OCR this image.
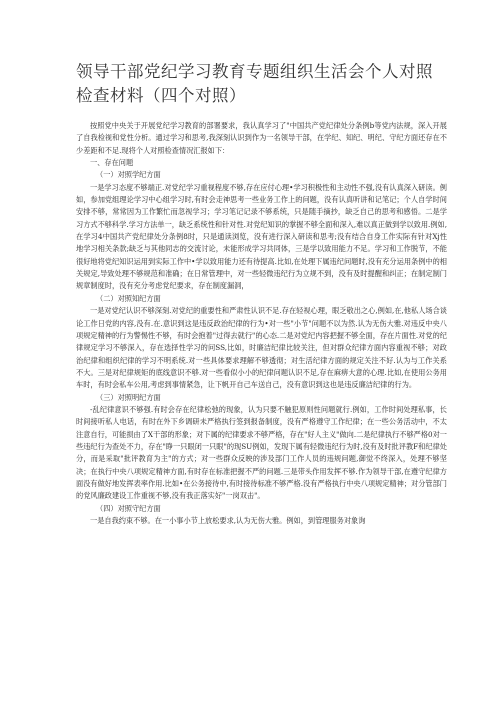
领导干部党纪学习教育专题组织生活会个人对照检查材料（四个对照）

按照党中央关于开展党纪学习教育的部署要求，我认真学习了"中国共产党纪律处分条例b等党内法规，深入开展了自我检视和党性分析。通过学习和思考,我深刻认识到作为一名领导干部，在学纪、知纪、明纪、守纪方面还存在不少差距和不足.现将个人对照检查情况汇报如下：

一、存在问题

（一）对照学纪方面

一是学习态度不够端正.对党纪学习重视程度不够,存在应付心理•学习积极性和主动性不强,没有认真深入研读。例如，参加党组理论学习中心组学习时,有时会走神思考一些业务工作上的问题，没有认真听讲和记笔记；个人自学时间安排不够，常常因为工作繁忙而忽视学习；学习笔记记录不够系统，只是随手摘抄，缺乏自己的思考和感悟。二是学习方式不够科学.学习方法单一，缺乏系统性和针对性.对党纪知识的掌握不够全面和深入,难以真正做到学以致用.例如,在学习4中国共产党纪律处分条例8时，只是通读浏览，没有进行深入研读和思考;没有结合自身工作实际有针对Xj性地学习相关条款;缺乏与其他同志的交流讨论，未能形成学习共同体，三是学以致用能力不足。学习和工作脱节，不能很好地将党纪知识运用到实际工作中•学以致用能力还有待提高.比如,在处理下属违纪问题时,没有充分运用条例中的相关规定,导致处理不够规范和准确；在日常管理中，对一些轻微违纪行为立规不到，没有及时提醒和纠正；在制定制门规章制度时，没有充分考虑党纪要求，存在制度漏洞，

（二）对照知纪方面

一是对党纪认识不够深刻.对党纪的重要性和严肃性认识不足.存在轻视心理，眼乏敬出之心,例如,在,他私人场合谈论工作日党的内容,没有.在.意识到这是违反政治纪律的行为•对一些"小节"问题不以为然.认为无伤大雅.对违反中央八项规定精神的行为警惕性不够，有时会抱着"过得去就行"的心态.二是对党纪内容把握不够全面，存在片面性.对党的纪律规定学习不够深入，存在选择性学习的问SS,比如，时廉洁纪律比较关注，但对群众纪律方面内容重视不够；对政治纪律和组织纪律的学习不明系统.对一些具体要求理解不够透彻；对生活纪律方面的规定关注不好.认为与工作关系不大。三是对纪律规矩的底线意识不够.对一些看似小小的纪律问题认识不足,存在麻痹大意的心理.比如,在使用公务用车时，有时会私车公用,考虑到事情紧急，让下帆开自己车送自己，没有意识到这也是违反廉洁纪律的行为。

（三）对照明纪方面

-乱纪律意识不够强.有时会存在纪律松弛的现象，认为只要不触犯原则性问题就行.例如，工作时间处理私事，长时间接听私人电话，有时在外下乡调研未严格执行签到报备制度，没有严格遵守工作纪律；在一些公务活动中，不太注意自行，可能损由了X干部的形象；对下属的纪律要求不够严格，存在"好人主义"做向.二是纪律执行不够严格0对一些违纪行为查处不力，存在"睁一只眼闭一只眼"的现SU例如，发现下属有轻微违纪行为时,没有及时批评教F和纪律处分，而是采取"批评教育为主"的方式；对一些群众反映的涉及部门工作人员的违规问题,御觉不终深入，处理不够坚决；在执行中央八项规定精神方面,有时存在标准把握不严的问题.三是带头作用发挥不够.作为领导干部,在遵守纪律方面没有做好地发挥表率作用.比如•在公务接待中,有时接待标准不够严格.没有严格执行中央八项规定精神；对分管部门的党风廉政建设工作重视不够,没有我正落实好"一岗双击"。

（四）对照守纪方面

一是自我约束不够。在一小事小节上放松要求,认为无伤大雅。例如，到管理服务对象询
